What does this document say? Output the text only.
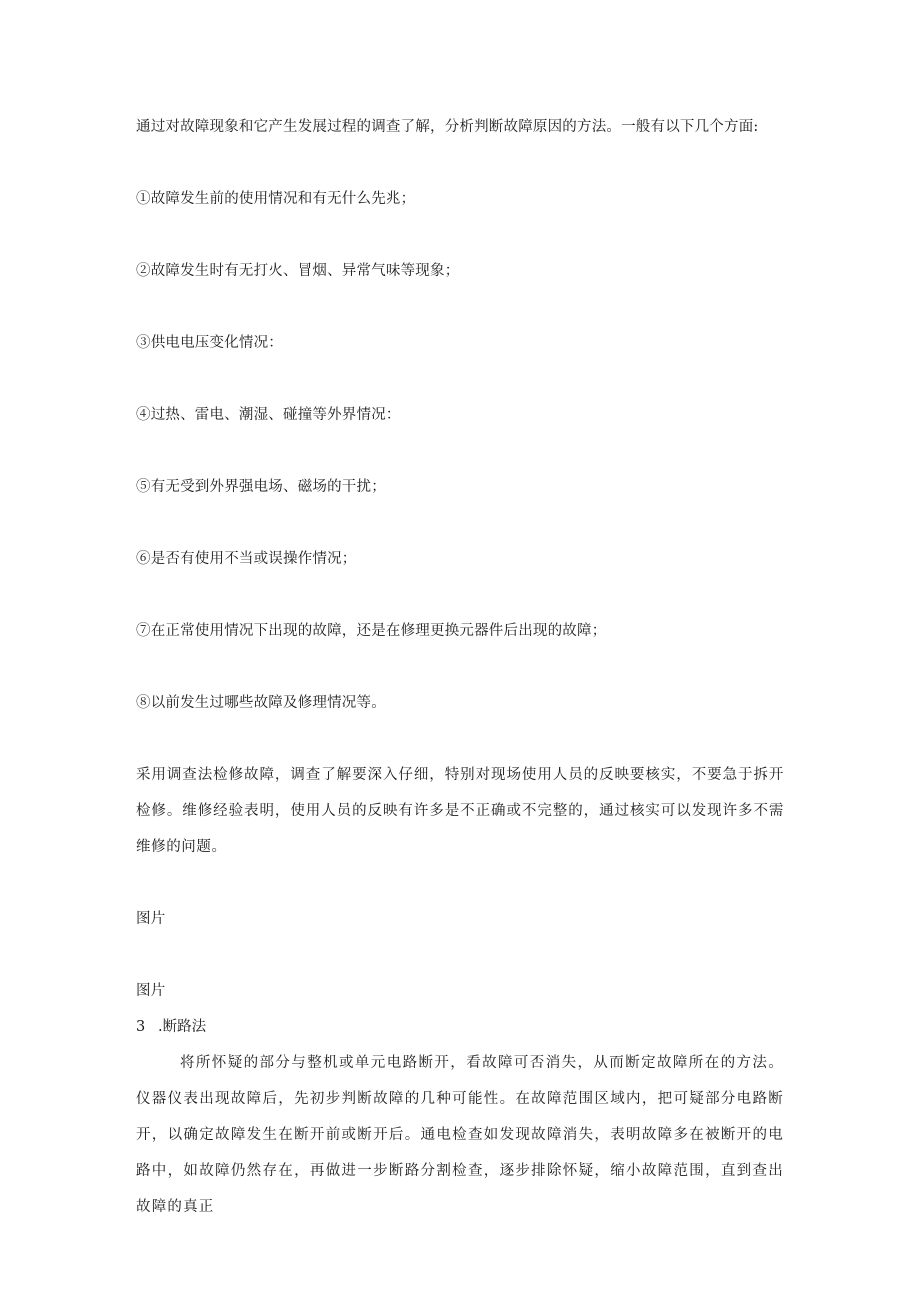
通过对故障现象和它产生发展过程的调查了解，分析判断故障原因的方法。一般有以下几个方面:
①故障发生前的使用情况和有无什么先兆；
②故障发生时有无打火、冒烟、异常气味等现象；
③供电电压变化情况：
④过热、雷电、潮湿、碰撞等外界情况：
⑤有无受到外界强电场、磁场的干扰；
⑥是否有使用不当或误操作情况；
⑦在正常使用情况下出现的故障，还是在修理更换元器件后出现的故障；
⑧以前发生过哪些故障及修理情况等。
采用调查法检修故障，调查了解要深入仔细，特别对现场使用人员的反映要核实，不要急于拆开检修。维修经验表明，使用人员的反映有许多是不正确或不完整的，通过核实可以发现许多不需维修的问题。
图片
图片
3 .断路法
将所怀疑的部分与整机或单元电路断开，看故障可否消失，从而断定故障所在的方法。仪器仪表出现故障后，先初步判断故障的几种可能性。在故障范围区域内，把可疑部分电路断开，以确定故障发生在断开前或断开后。通电检查如发现故障消失，表明故障多在被断开的电路中，如故障仍然存在，再做进一步断路分割检查，逐步排除怀疑，缩小故障范围，直到查出故障的真正
